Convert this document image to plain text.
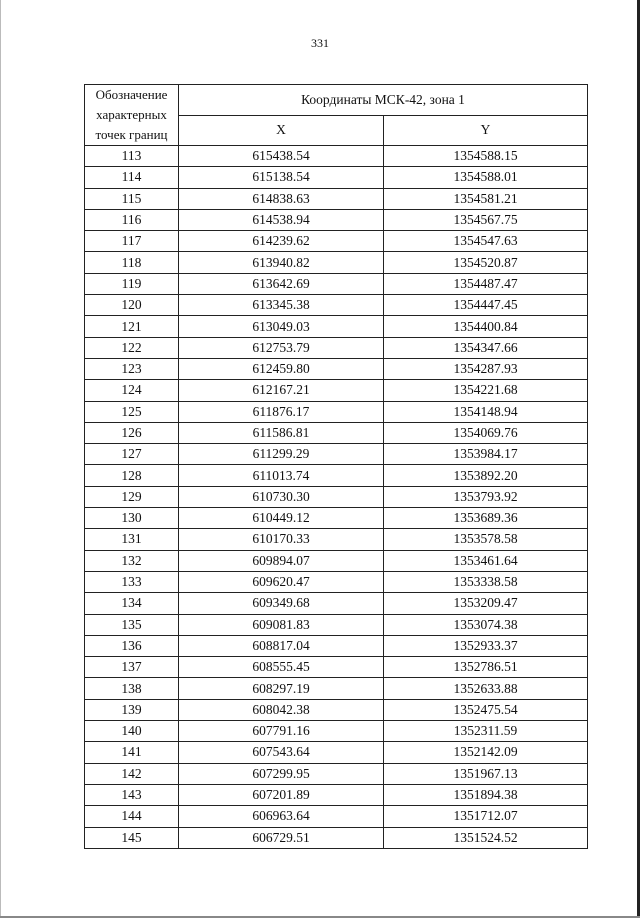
331
Обозначение характерных точек границ	Координаты МСК-42, зона 1	
	X	Y
113	615438.54	1354588.15
114	615138.54	1354588.01
115	614838.63	1354581.21
116	614538.94	1354567.75
117	614239.62	1354547.63
118	613940.82	1354520.87
119	613642.69	1354487.47
120	613345.38	1354447.45
121	613049.03	1354400.84
122	612753.79	1354347.66
123	612459.80	1354287.93
124	612167.21	1354221.68
125	611876.17	1354148.94
126	611586.81	1354069.76
127	611299.29	1353984.17
128	611013.74	1353892.20
129	610730.30	1353793.92
130	610449.12	1353689.36
131	610170.33	1353578.58
132	609894.07	1353461.64
133	609620.47	1353338.58
134	609349.68	1353209.47
135	609081.83	1353074.38
136	608817.04	1352933.37
137	608555.45	1352786.51
138	608297.19	1352633.88
139	608042.38	1352475.54
140	607791.16	1352311.59
141	607543.64	1352142.09
142	607299.95	1351967.13
143	607201.89	1351894.38
144	606963.64	1351712.07
145	606729.51	1351524.52
